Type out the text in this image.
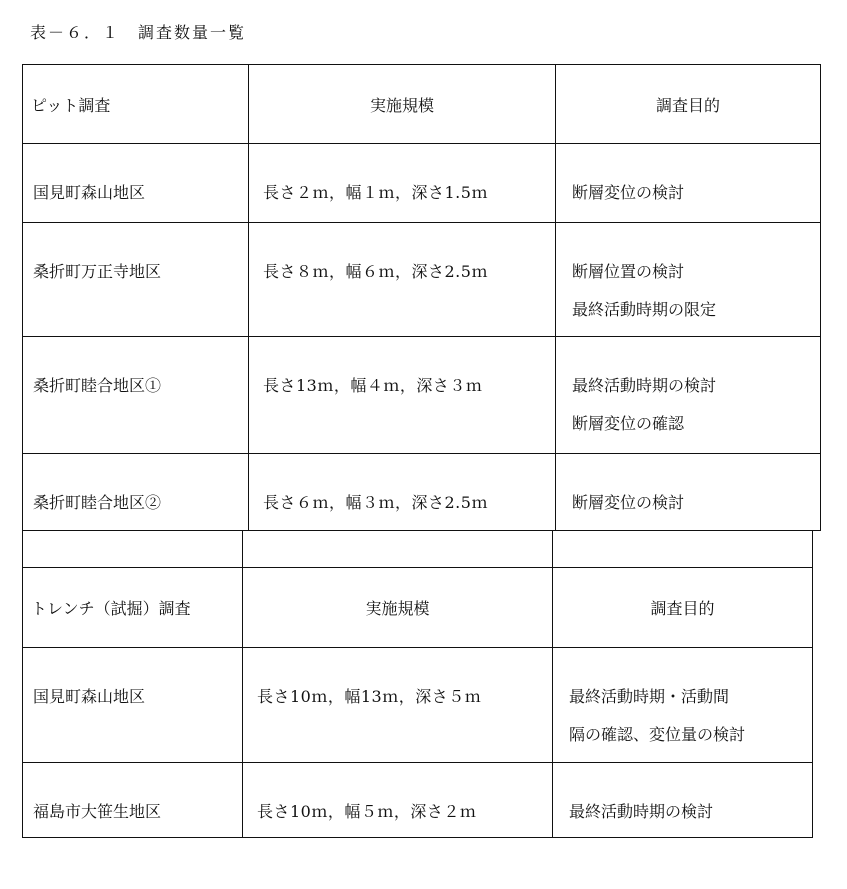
表－６．１　調査数量一覧
ピット調査	実施規模	調査目的
国見町森山地区	長さ２ｍ，幅１ｍ，深さ1.5ｍ	断層変位の検討
桑折町万正寺地区	長さ８ｍ，幅６ｍ，深さ2.5ｍ	断層位置の検討
最終活動時期の限定
桑折町睦合地区①	長さ13ｍ，幅４ｍ，深さ３ｍ	最終活動時期の検討
断層変位の確認
桑折町睦合地区②	長さ６ｍ，幅３ｍ，深さ2.5ｍ	断層変位の検討
トレンチ（試掘）調査	実施規模	調査目的
国見町森山地区	長さ10ｍ，幅13ｍ，深さ５ｍ	最終活動時期・活動間
隔の確認、変位量の検討
福島市大笹生地区	長さ10ｍ，幅５ｍ，深さ２ｍ	最終活動時期の検討
